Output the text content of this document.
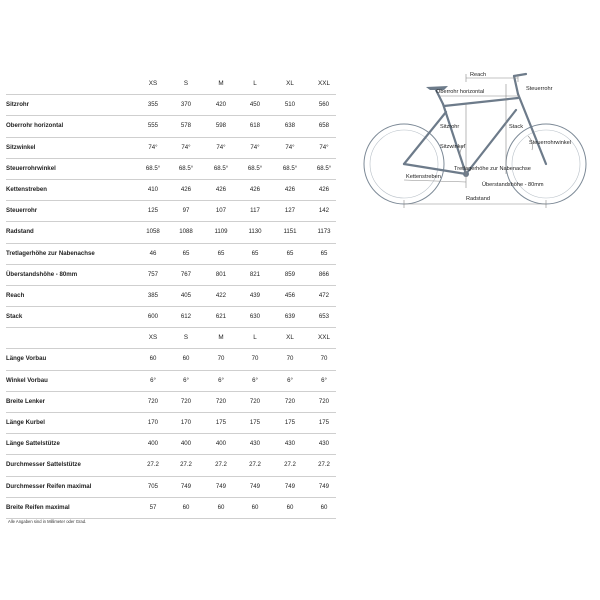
XS	S	M	L	XL	XXL
Sitzrohr	355	370	420	450	510	560
Oberrohr horizontal	555	578	598	618	638	658
Sitzwinkel	74°	74°	74°	74°	74°	74°
Steuerrohrwinkel	68.5°	68.5°	68.5°	68.5°	68.5°	68.5°
Kettenstreben	410	426	426	426	426	426
Steuerrohr	125	97	107	117	127	142
Radstand	1058	1088	1109	1130	1151	1173
Tretlagerhöhe zur Nabenachse	46	65	65	65	65	65
Überstandshöhe - 80mm	757	767	801	821	859	866
Reach	385	405	422	439	456	472
Stack	600	612	621	630	639	653
XS	S	M	L	XL	XXL
Länge Vorbau	60	60	70	70	70	70
Winkel Vorbau	6°	6°	6°	6°	6°	6°
Breite Lenker	720	720	720	720	720	720
Länge Kurbel	170	170	175	175	175	175
Länge Sattelstütze	400	400	400	430	430	430
Durchmesser Sattelstütze	27.2	27.2	27.2	27.2	27.2	27.2
Durchmesser Reifen maximal	705	749	749	749	749	749
Breite Reifen maximal	57	60	60	60	60	60
Alle Angaben sind in Millimeter oder Grad.
Reach
Oberrohr horizontal	Steuerrohr
Sitzrohr	Stack
Steuerrohrwinkel
Sitzwinkel
Tretlagerhöhe zur Nabenachse
Kettenstreben
Überstandshöhe - 80mm
Radstand
